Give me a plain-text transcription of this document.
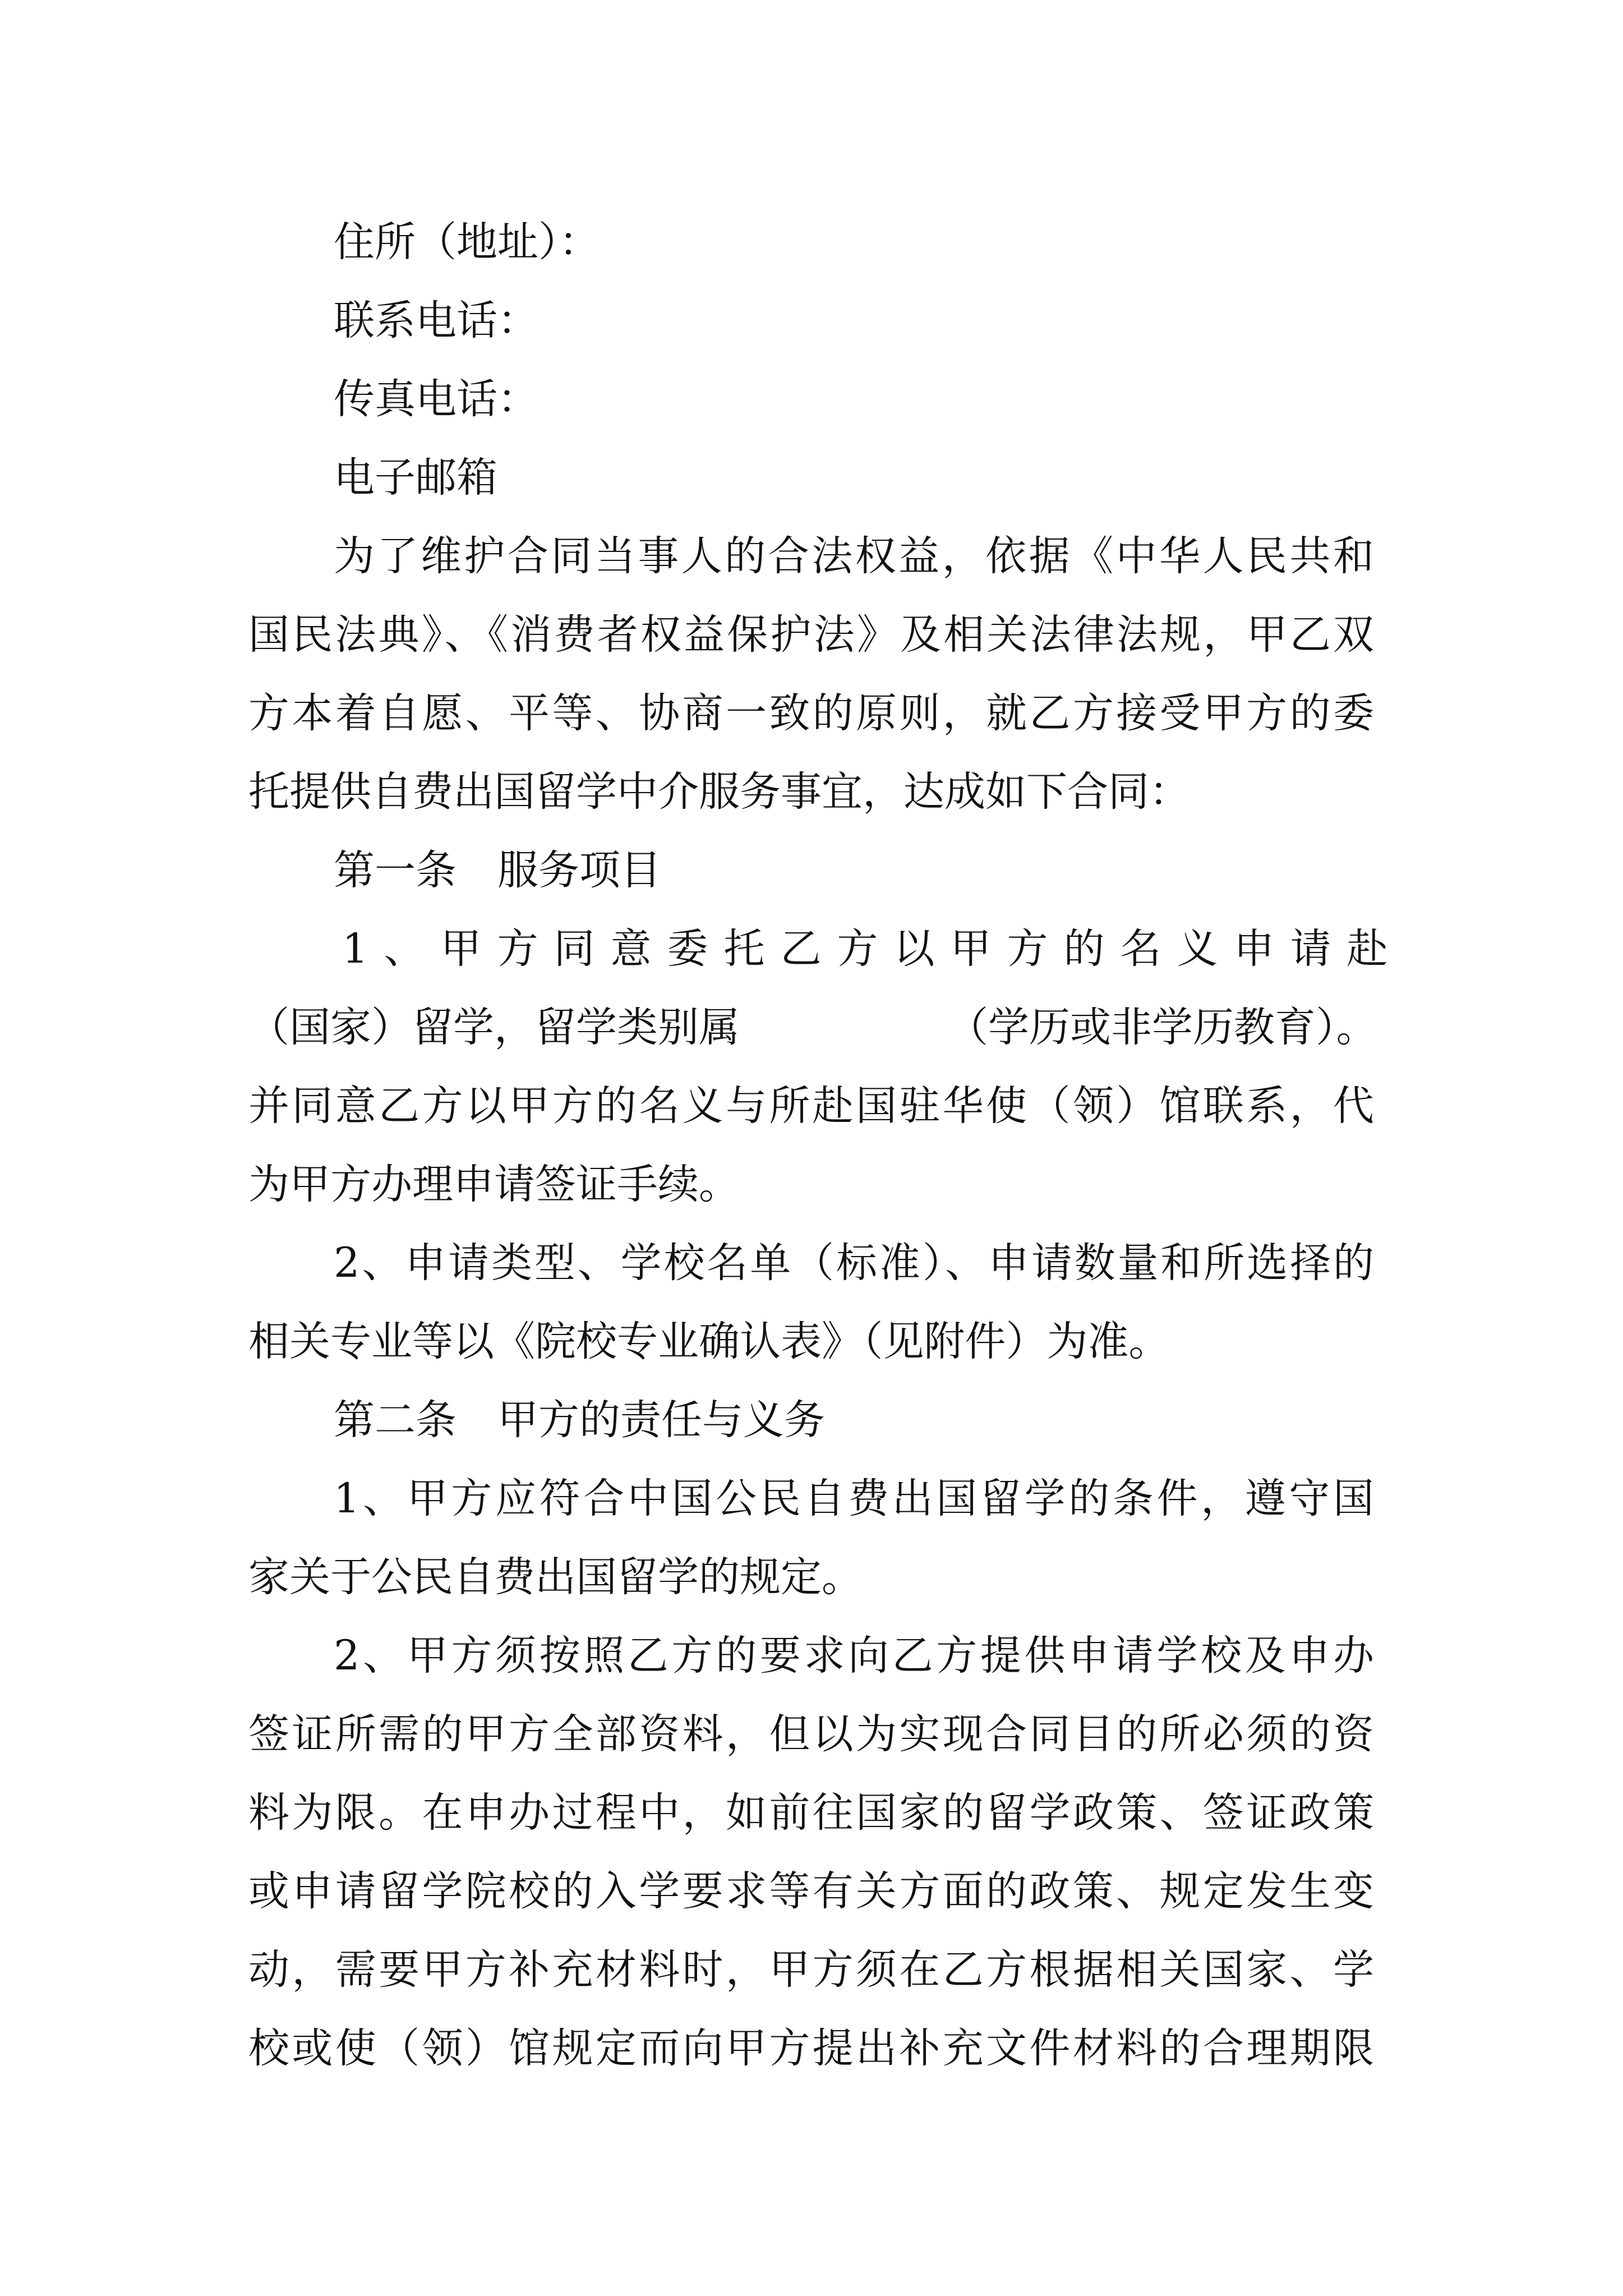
住所（地址）：
联系电话：
传真电话：
电子邮箱
为了维护合同当事人的合法权益，依据《中华人民共和
国民法典》、《消费者权益保护法》及相关法律法规，甲乙双
方本着自愿、平等、协商一致的原则，就乙方接受甲方的委
托提供自费出国留学中介服务事宜，达成如下合同：
第一条　服务项目
1、甲方同意委托乙方以甲方的名义申请赴
（国家）留学，留学类别属	（学历或非学历教育）。
并同意乙方以甲方的名义与所赴国驻华使（领）馆联系，代
为甲方办理申请签证手续。
2、申请类型、学校名单（标准）、申请数量和所选择的
相关专业等以《院校专业确认表》（见附件）为准。
第二条　甲方的责任与义务
1、甲方应符合中国公民自费出国留学的条件，遵守国
家关于公民自费出国留学的规定。
2、甲方须按照乙方的要求向乙方提供申请学校及申办
签证所需的甲方全部资料，但以为实现合同目的所必须的资
料为限。在申办过程中，如前往国家的留学政策、签证政策
或申请留学院校的入学要求等有关方面的政策、规定发生变
动，需要甲方补充材料时，甲方须在乙方根据相关国家、学
校或使（领）馆规定而向甲方提出补充文件材料的合理期限
